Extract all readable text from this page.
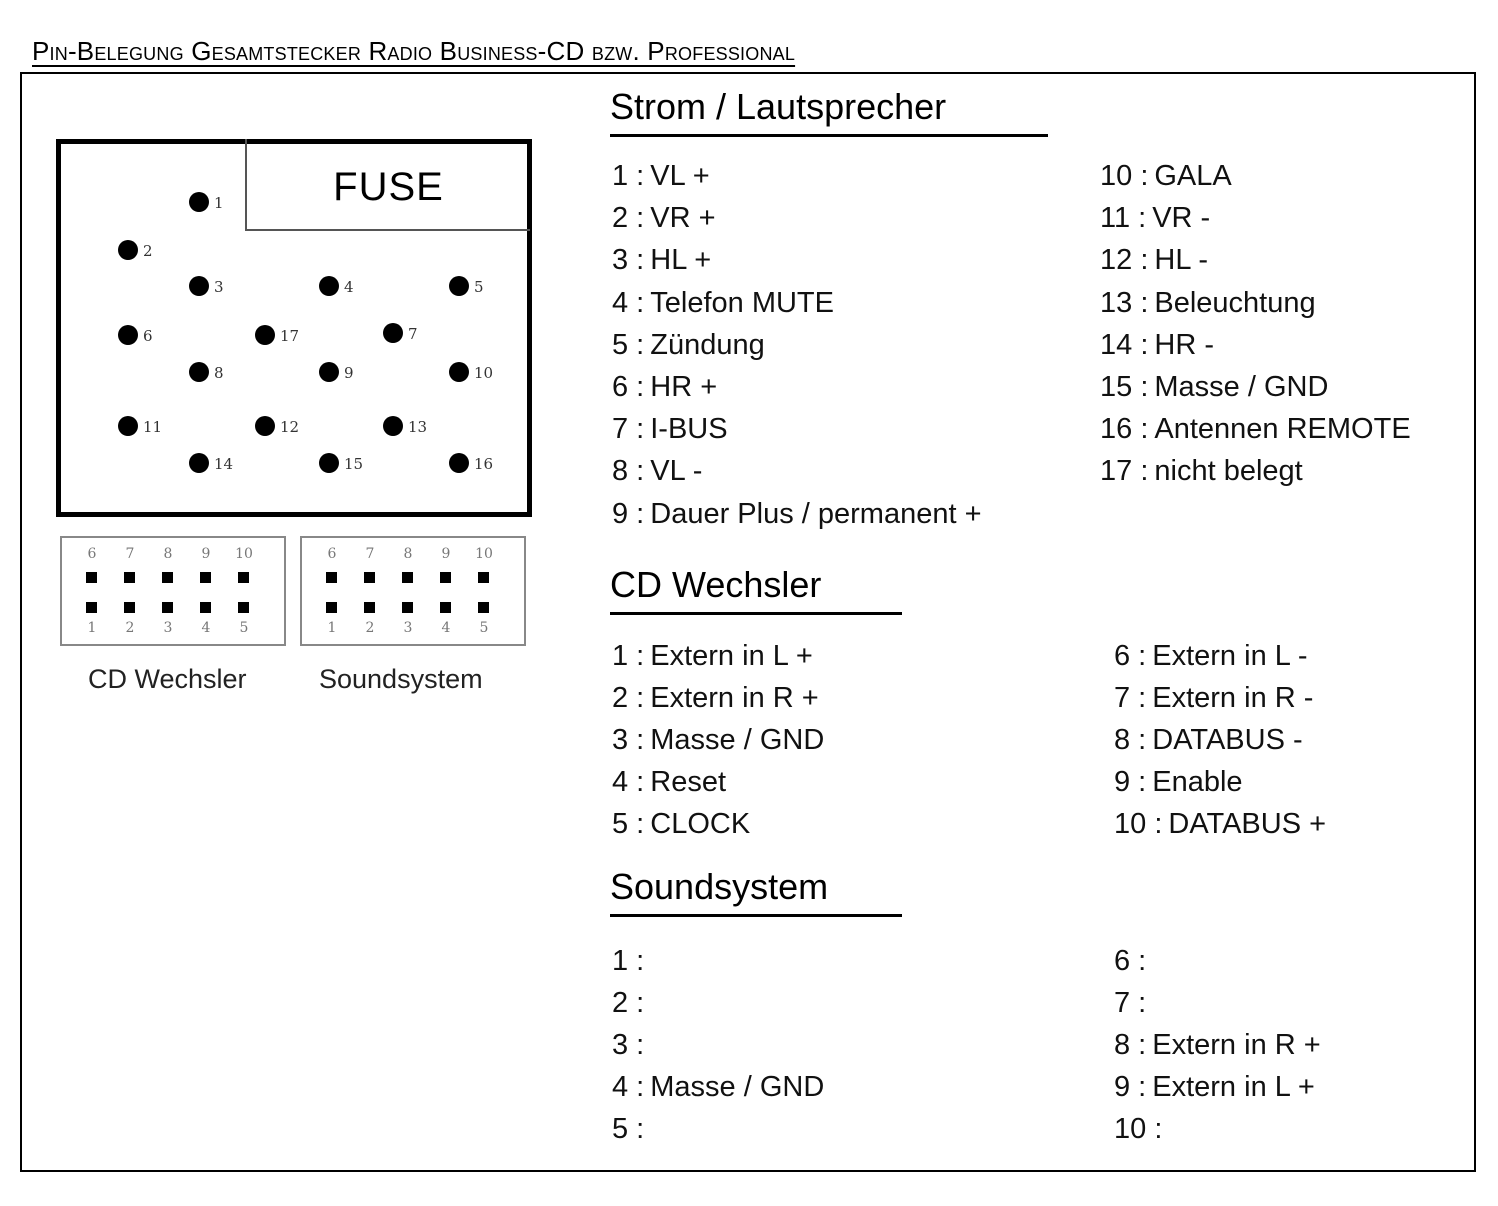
Pin-Belegung Gesamtstecker Radio Business-CD bzw. Professional
FUSE
1
2
3	4	5
6	17	7
8	9	10
11	12	13
14	15	16
6
1
7
2
8
3
9
4
10
5
6
1
7
2
8
3
9
4
10
5
CD Wechsler	Soundsystem
Strom / Lautsprecher
CD Wechsler
Soundsystem
1 : VL +
2 : VR +
3 : HL +
4 : Telefon MUTE
5 : Zündung
6 : HR +
7 : I-BUS
8 : VL -
9 : Dauer Plus / permanent +
10 : GALA
11 : VR -
12 : HL -
13 : Beleuchtung
14 : HR -
15 : Masse / GND
16 : Antennen REMOTE
17 : nicht belegt
1 : Extern in L +
2 : Extern in R +
3 : Masse / GND
4 : Reset
5 : CLOCK
6 : Extern in L -
7 : Extern in R -
8 : DATABUS -
9 : Enable
10 : DATABUS +
1 :
2 :
3 :
4 : Masse / GND
5 :
6 :
7 :
8 : Extern in R +
9 : Extern in L +
10 :
